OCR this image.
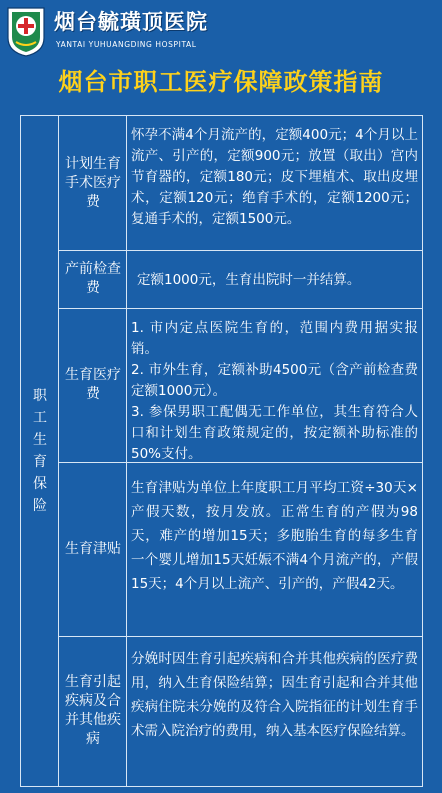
烟台毓璜顶医院
YANTAI YUHUANGDING HOSPITAL
烟台市职工医疗保障政策指南
职工生育保险
计划生育手术医疗费

怀孕不满4个月流产的，定额400元；4个月以上流产、引产的，定额900元；放置（取出）宫内节育器的，定额180元；皮下埋植术、取出皮埋术，定额120元；绝育手术的，定额1200元；复通手术的，定额1500元。

产前检查费	定额1000元，生育出院时一并结算。

生育医疗费

1. 市内定点医院生育的，范围内费用据实报销。

2. 市外生育，定额补助4500元（含产前检查费定额1000元）。

3. 参保男职工配偶无工作单位，其生育符合人口和计划生育政策规定的，按定额补助标准的50%支付。

生育津贴

生育津贴为单位上年度职工月平均工资÷30天×产假天数，按月发放。正常生育的产假为98天，难产的增加15天；多胞胎生育的每多生育一个婴儿增加15天妊娠不满4个月流产的，产假15天；4个月以上流产、引产的，产假42天。

生育引起疾病及合并其他疾病

分娩时因生育引起疾病和合并其他疾病的医疗费用，纳入生育保险结算；因生育引起和合并其他疾病住院未分娩的及符合入院指征的计划生育手术需入院治疗的费用，纳入基本医疗保险结算。
